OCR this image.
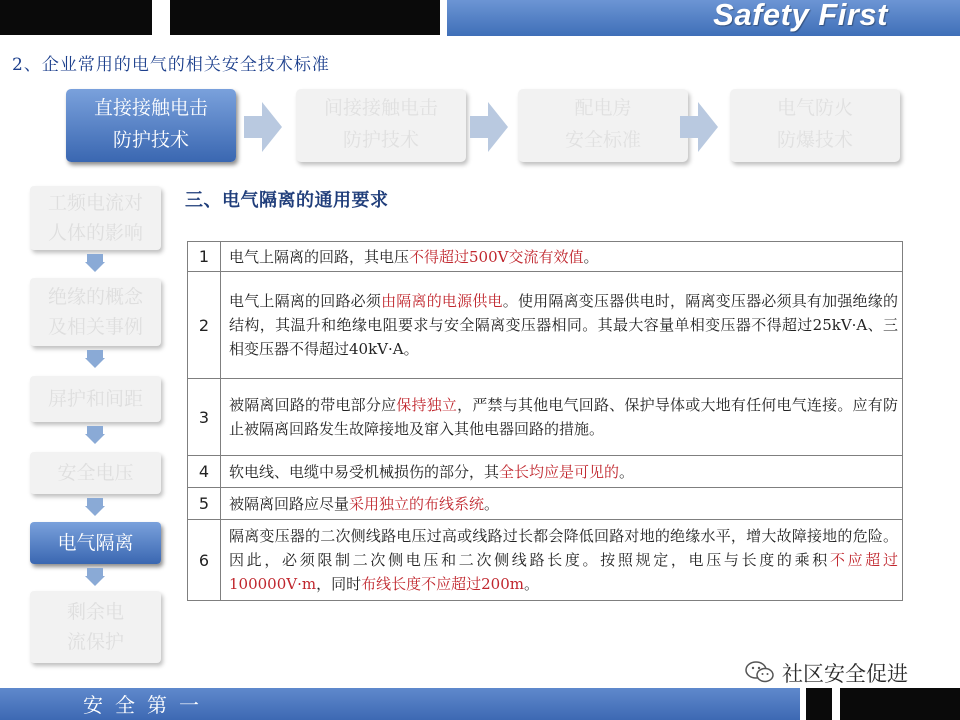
Safety First
2、企业常用的电气的相关安全技术标准
直接接触电击
防护技术
间接接触电击
防护技术
配电房
安全标准
电气防火
防爆技术
工频电流对
人体的影响
绝缘的概念
及相关事例
屏护和间距
安全电压
电气隔离
剩余电
流保护
三、电气隔离的通用要求
1	电气上隔离的回路，其电压不得超过500V交流有效值。
2	电气上隔离的回路必须由隔离的电源供电。使用隔离变压器供电时，隔离变压器必须具有加强绝缘的结构，其温升和绝缘电阻要求与安全隔离变压器相同。其最大容量单相变压器不得超过25kV·A、三相变压器不得超过40kV·A。
3	被隔离回路的带电部分应保持独立，严禁与其他电气回路、保护导体或大地有任何电气连接。应有防止被隔离回路发生故障接地及窜入其他电器回路的措施。
4	软电线、电缆中易受机械损伤的部分，其全长均应是可见的。
5	被隔离回路应尽量采用独立的布线系统。
6	隔离变压器的二次侧线路电压过高或线路过长都会降低回路对地的绝缘水平，增大故障接地的危险。因此，必须限制二次侧电压和二次侧线路长度。按照规定，电压与长度的乘积不应超过100000V·m，同时布线长度不应超过200m。
社区安全促进
安全第一
